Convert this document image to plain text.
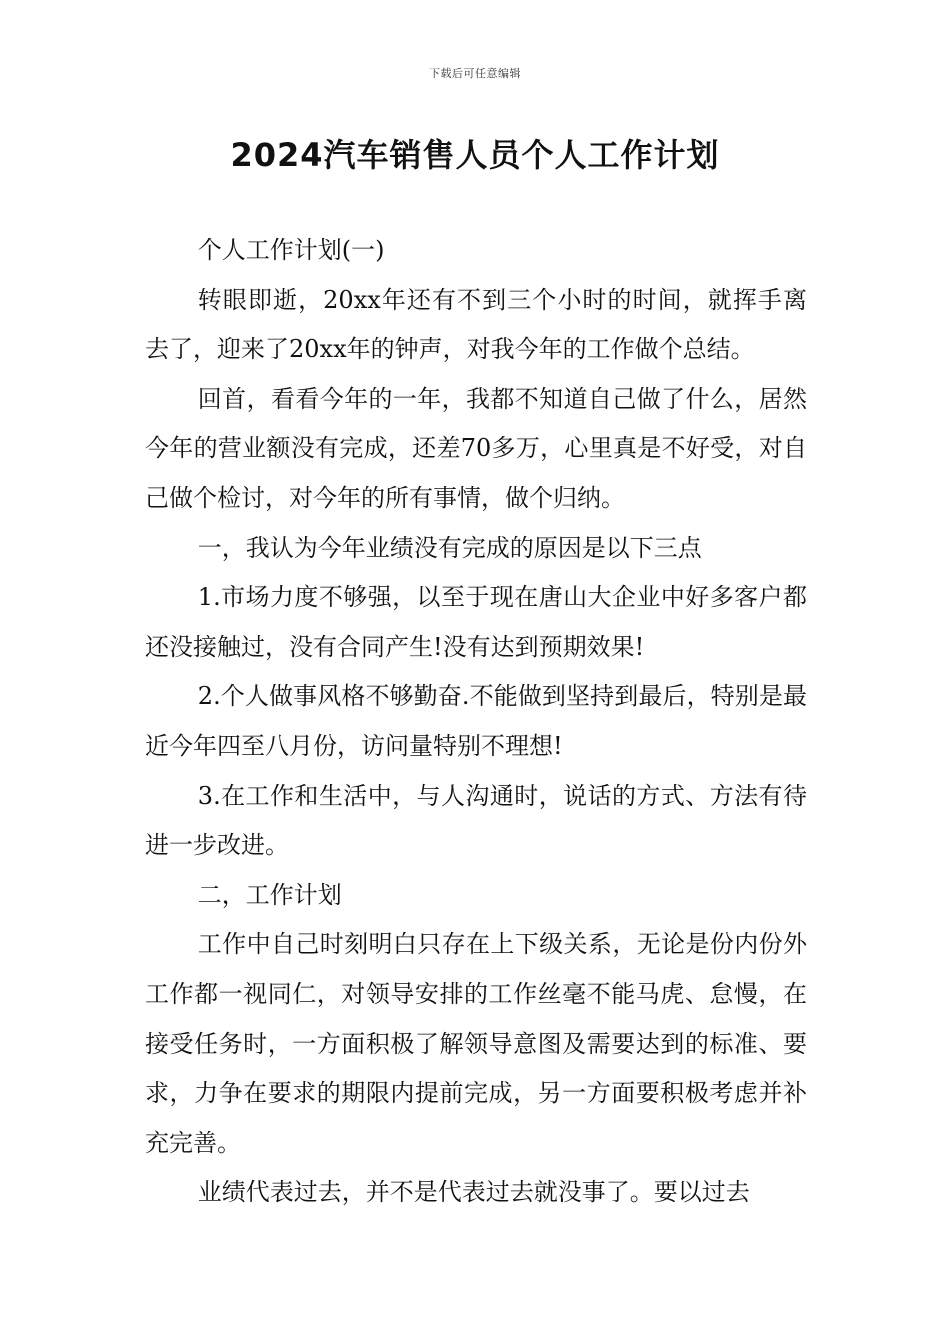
下载后可任意编辑
2024汽车销售人员个人工作计划

个人工作计划(一)

转眼即逝，20xx年还有不到三个小时的时间，就挥手离去了，迎来了20xx年的钟声，对我今年的工作做个总结。

回首，看看今年的一年，我都不知道自己做了什么，居然今年的营业额没有完成，还差70多万，心里真是不好受，对自己做个检讨，对今年的所有事情，做个归纳。

一，我认为今年业绩没有完成的原因是以下三点

1.市场力度不够强，以至于现在唐山大企业中好多客户都还没接触过，没有合同产生!没有达到预期效果!

2.个人做事风格不够勤奋.不能做到坚持到最后，特别是最近今年四至八月份，访问量特别不理想!

3.在工作和生活中，与人沟通时，说话的方式、方法有待进一步改进。

二，工作计划

工作中自己时刻明白只存在上下级关系，无论是份内份外工作都一视同仁，对领导安排的工作丝毫不能马虎、怠慢，在接受任务时，一方面积极了解领导意图及需要达到的标准、要求，力争在要求的期限内提前完成，另一方面要积极考虑并补充完善。

业绩代表过去，并不是代表过去就没事了。要以过去
